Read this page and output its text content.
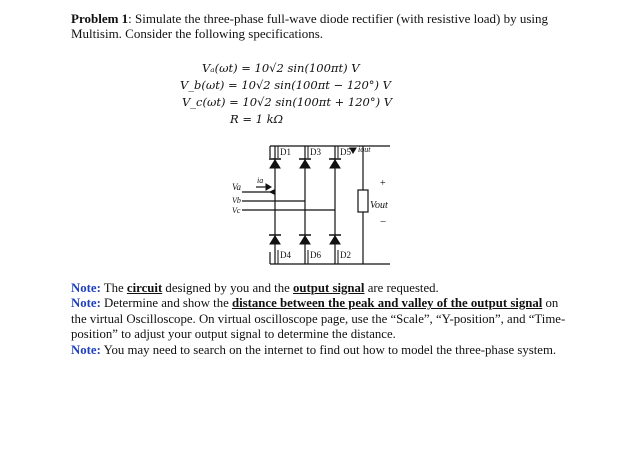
Problem 1: Simulate the three-phase full-wave diode rectifier (with resistive load) by using Multisim. Consider the following specifications.
Vₐ(ωt) = 10√2 sin(100πt) V
V_b(ωt) = 10√2 sin(100πt − 120°) V
V_c(ωt) = 10√2 sin(100πt + 120°) V
R = 1 kΩ
D1 D3 D5
D4 D6 D2
Va
Vb
Vc
ia
iout
+
Vout
−
Note: The circuit designed by you and the output signal are requested.
Note: Determine and show the distance between the peak and valley of the output signal on the virtual Oscilloscope. On virtual oscilloscope page, use the “Scale”, “Y-position”, and “Time-position” to adjust your output signal to determine the distance.
Note: You may need to search on the internet to find out how to model the three-phase system.
